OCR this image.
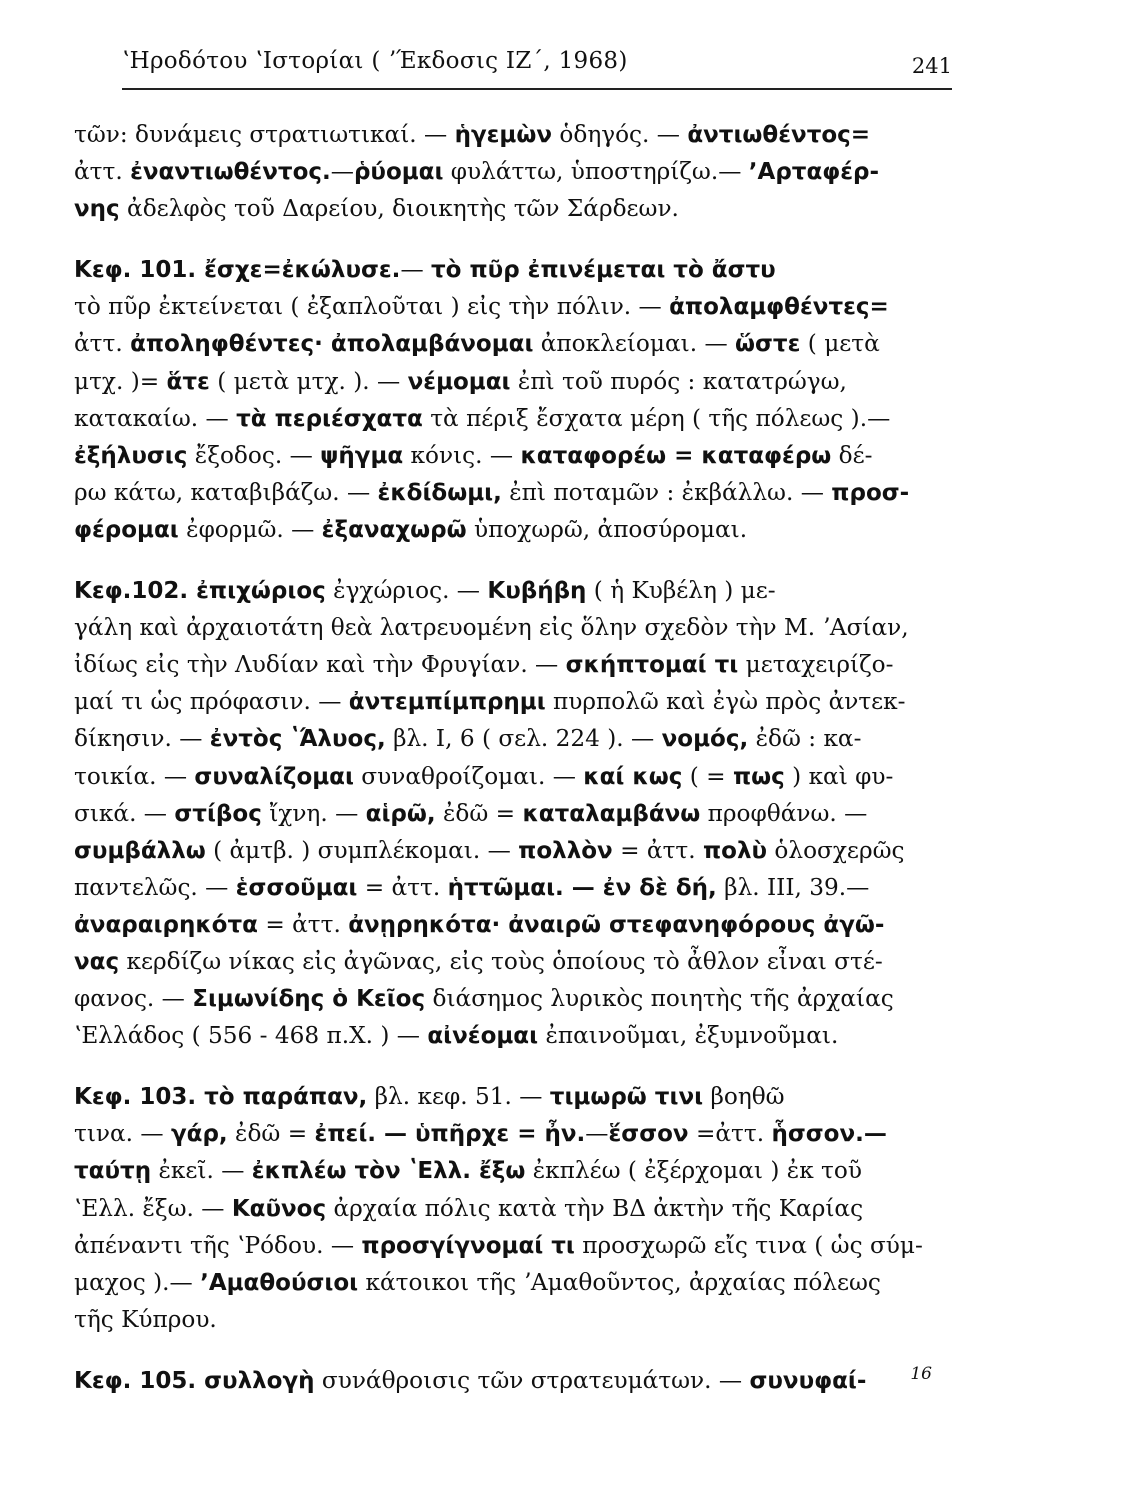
ʽΗροδότου ʽΙστορίαι ( ʼΈκδοσις ΙΖ΄, 1968)	241
τῶν: δυνάμεις στρατιωτικαί. — ἡγεμὼν ὁδηγός. — ἀντιωθέντος=
ἀττ. ἐναντιωθέντος.—ῥύομαι φυλάττω, ὑποστηρίζω.— ʼΑρταφέρ-
νης ἀδελφὸς τοῦ Δαρείου, διοικητὴς τῶν Σάρδεων.
Κεφ. 101. ἔσχε=ἐκώλυσε.— τὸ πῦρ ἐπινέμεται τὸ ἄστυ
τὸ πῦρ ἐκτείνεται ( ἐξαπλοῦται ) εἰς τὴν πόλιν. — ἀπολαμφθέντες=
ἀττ. ἀποληφθέντες· ἀπολαμβάνομαι ἀποκλείομαι. — ὥστε ( μετὰ
μτχ. )= ἅτε ( μετὰ μτχ. ). — νέμομαι ἐπὶ τοῦ πυρός : κατατρώγω,
κατακαίω. — τὰ περιέσχατα τὰ πέριξ ἔσχατα μέρη ( τῆς πόλεως ).—
ἐξήλυσις ἔξοδος. — ψῆγμα κόνις. — καταφορέω = καταφέρω δέ-
ρω κάτω, καταβιβάζω. — ἐκδίδωμι, ἐπὶ ποταμῶν : ἐκβάλλω. — προσ-
φέρομαι ἐφορμῶ. — ἐξαναχωρῶ ὑποχωρῶ, ἀποσύρομαι.
Κεφ.102. ἐπιχώριος ἐγχώριος. — Κυβήβη ( ἡ Κυβέλη ) με-
γάλη καὶ ἀρχαιοτάτη θεὰ λατρευομένη εἰς ὅλην σχεδὸν τὴν Μ. ʼΑσίαν,
ἰδίως εἰς τὴν Λυδίαν καὶ τὴν Φρυγίαν. — σκήπτομαί τι μεταχειρίζο-
μαί τι ὡς πρόφασιν. — ἀντεμπίμπρημι πυρπολῶ καὶ ἐγὼ πρὸς ἀντεκ-
δίκησιν. — ἐντὸς ʽΆλυος, βλ. Ι, 6 ( σελ. 224 ). — νομός, ἐδῶ : κα-
τοικία. — συναλίζομαι συναθροίζομαι. — καί κως ( = πως ) καὶ φυ-
σικά. — στίβος ἴχνη. — αἱρῶ, ἐδῶ = καταλαμβάνω προφθάνω. —
συμβάλλω ( ἀμτβ. ) συμπλέκομαι. — πολλὸν = ἀττ. πολὺ ὁλοσχερῶς
παντελῶς. — ἑσσοῦμαι = ἀττ. ἡττῶμαι. — ἐν δὲ δή, βλ. ΙΙΙ, 39.—
ἀναραιρηκότα = ἀττ. ἀνῃρηκότα· ἀναιρῶ στεφανηφόρους ἀγῶ-
νας κερδίζω νίκας εἰς ἀγῶνας, εἰς τοὺς ὁποίους τὸ ἆθλον εἶναι στέ-
φανος. — Σιμωνίδης ὁ Κεῖος διάσημος λυρικὸς ποιητὴς τῆς ἀρχαίας
ʽΕλλάδος ( 556 - 468 π.Χ. ) — αἰνέομαι ἐπαινοῦμαι, ἐξυμνοῦμαι.
Κεφ. 103. τὸ παράπαν, βλ. κεφ. 51. — τιμωρῶ τινι βοηθῶ
τινα. — γάρ, ἐδῶ = ἐπεί. — ὑπῆρχε = ἦν.—ἕσσον =ἀττ. ἧσσον.—
ταύτῃ ἐκεῖ. — ἐκπλέω τὸν ʽΕλλ. ἔξω ἐκπλέω ( ἐξέρχομαι ) ἐκ τοῦ
ʽΕλλ. ἔξω. — Καῦνος ἀρχαία πόλις κατὰ τὴν ΒΔ ἀκτὴν τῆς Καρίας
ἀπέναντι τῆς ʽΡόδου. — προσγίγνομαί τι προσχωρῶ εἴς τινα ( ὡς σύμ-
μαχος ).— ʼΑμαθούσιοι κάτοικοι τῆς ʼΑμαθοῦντος, ἀρχαίας πόλεως
τῆς Κύπρου.
Κεφ. 105. συλλογὴ συνάθροισις τῶν στρατευμάτων. — συνυφαί-	16
